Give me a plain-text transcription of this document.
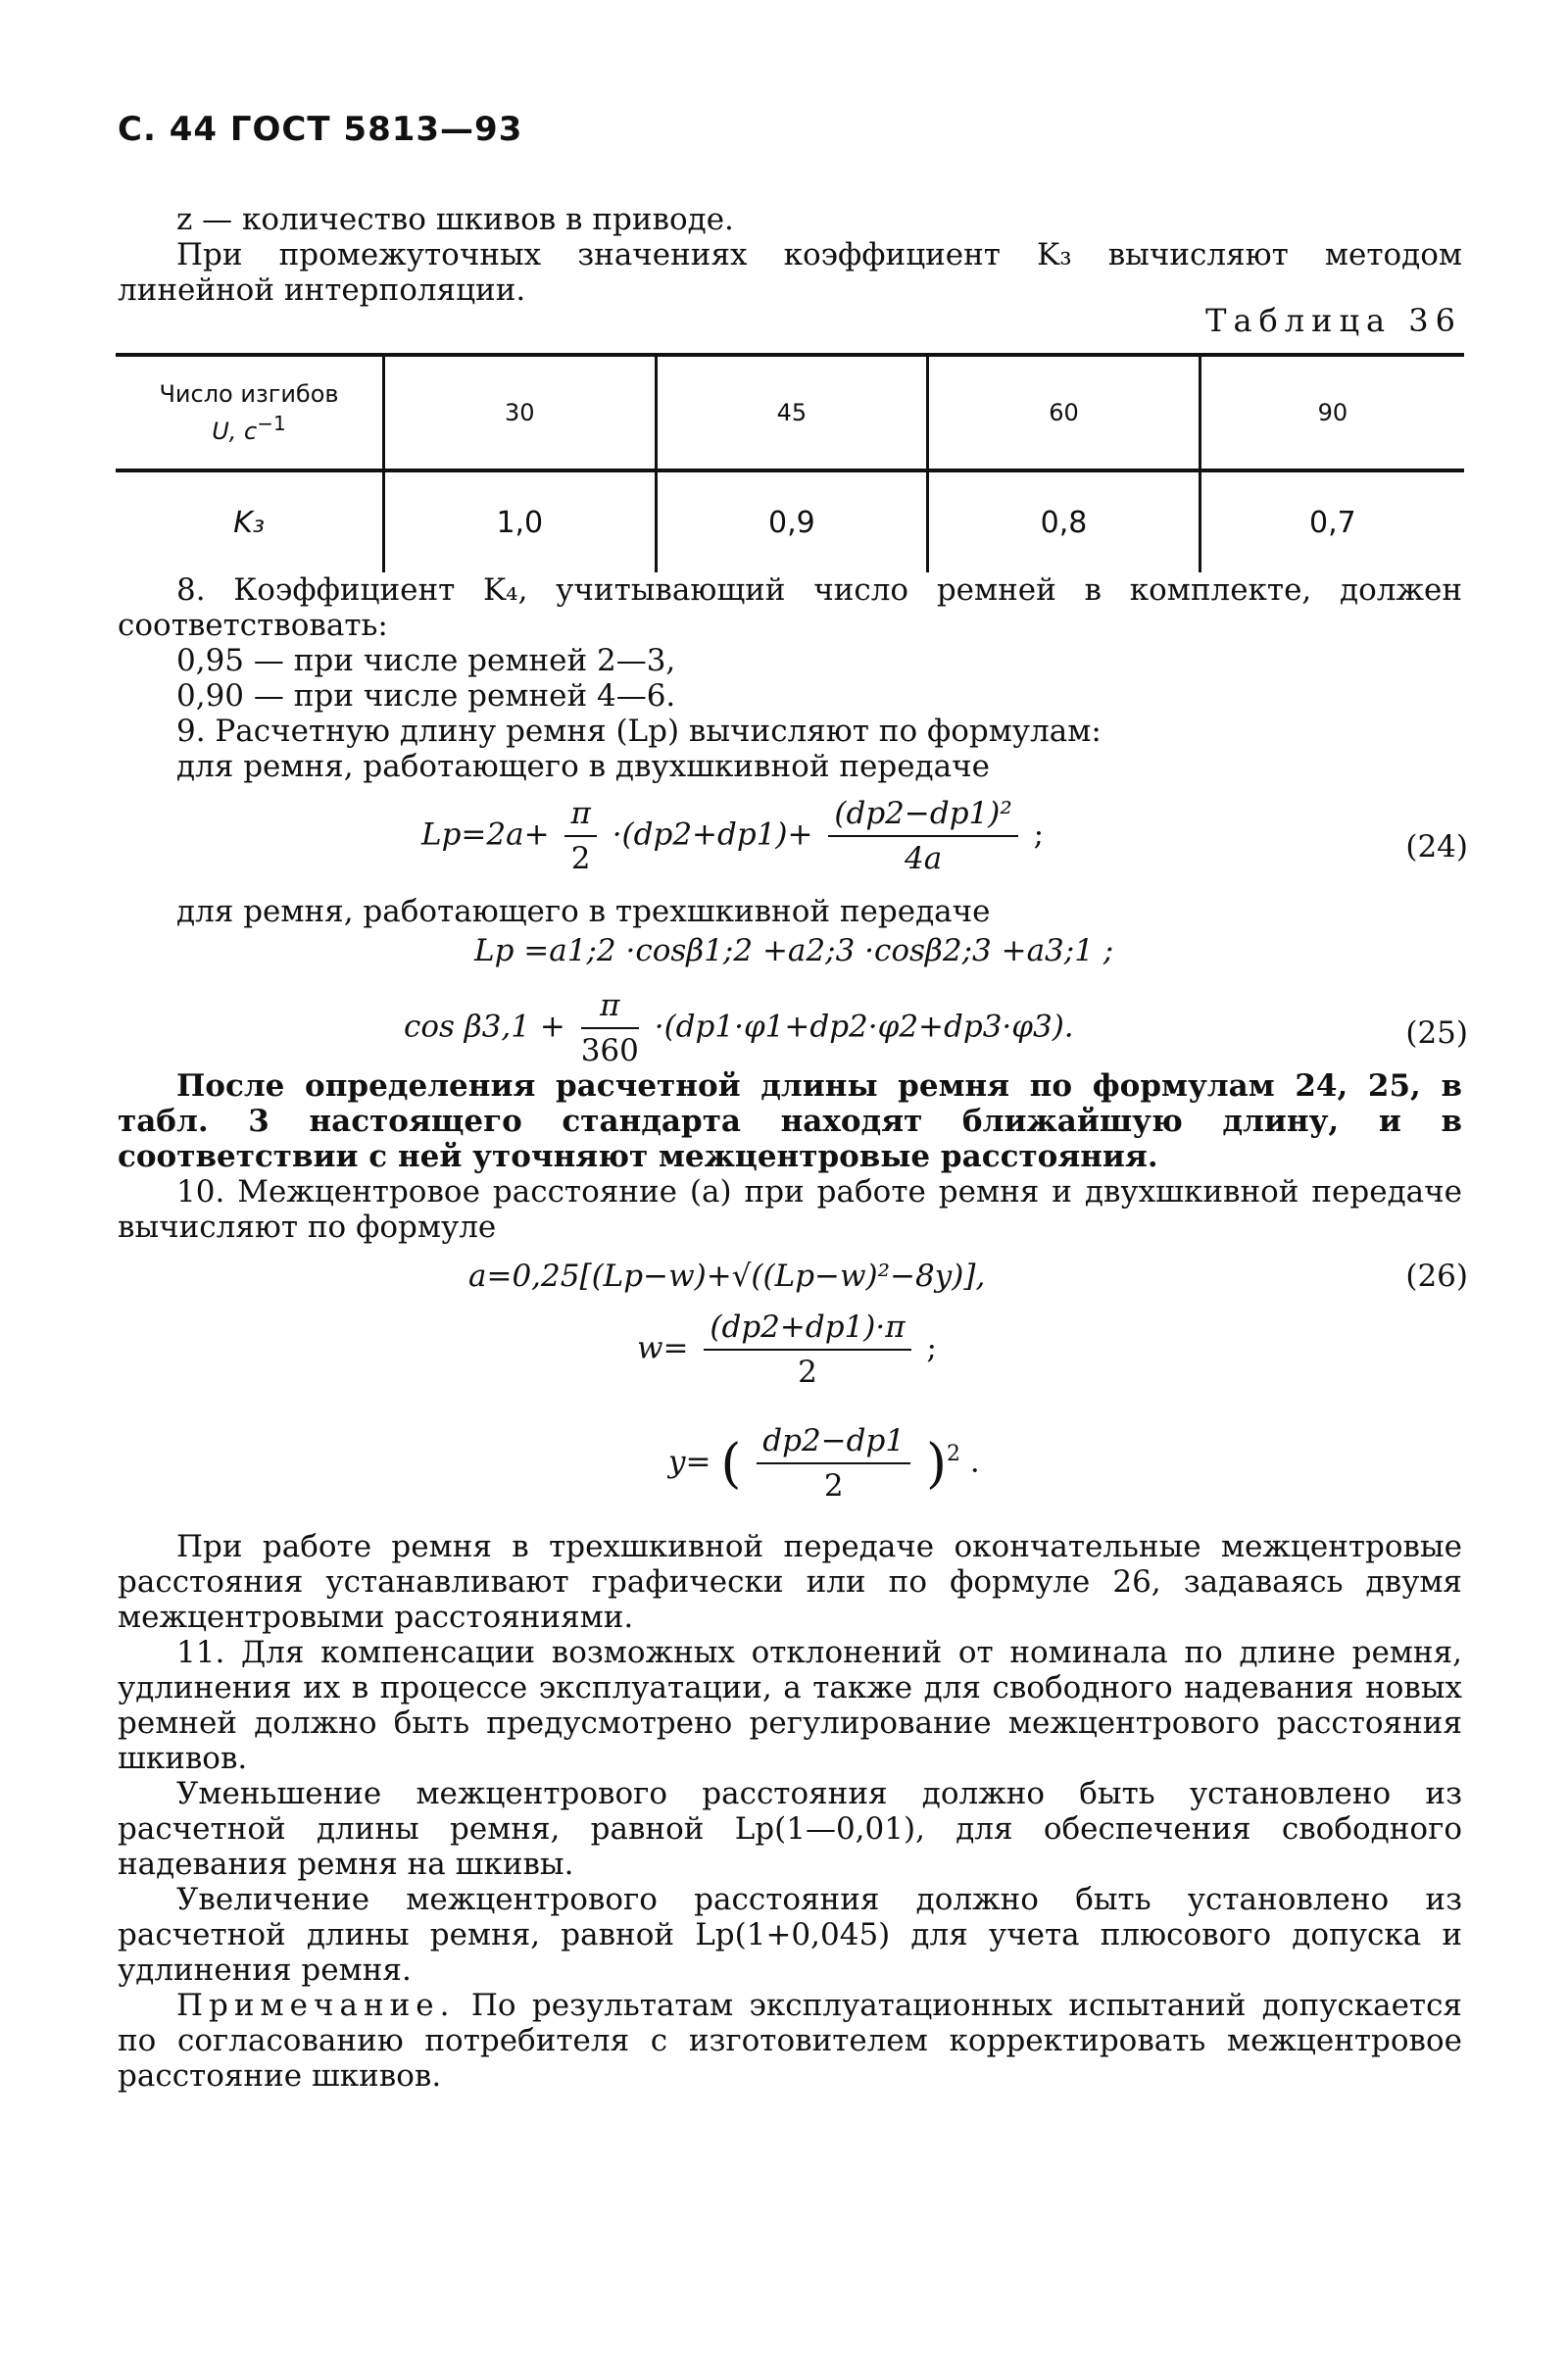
С. 44 ГОСТ 5813—93
z — количество шкивов в приводе.
При промежуточных значениях коэффициент K₃ вычисляют методом линейной интерполяции.
Таблица 36
Число изгибов
U, $c^{-1}$	30	45	60	90
K₃	1,0	0,9	0,8	0,7
8. Коэффициент K₄, учитывающий число ремней в комплекте, должен соответствовать:
0,95 — при числе ремней 2—3,
0,90 — при числе ремней 4—6.
9. Расчетную длину ремня (Lp) вычисляют по формулам:
для ремня, работающего в двухшкивной передаче
$Lp=2a+ \frac{\pi}{2} \cdot(dp2+dp1)+ \frac{\text{(dp2−dp1)²}}{4a}$ ;	(24)
для ремня, работающего в трехшкивной передаче
Lp =a1;2 ·cosβ1;2 +a2;3 ·cosβ2;3 +a3;1 ;
$\cos \beta 3,1 + \frac{\pi}{360} \cdot(dp1\cdot\varphi 1+dp2\cdot\varphi 2+dp3\cdot\varphi 3)$.	(25)
После определения расчетной длины ремня по формулам 24, 25, в табл. 3 настоящего стандарта находят ближайшую длину, и в соответствии с ней уточняют межцентровые расстояния.
10. Межцентровое расстояние (a) при работе ремня и двухшкивной передаче вычисляют по формуле
a=0,25[(Lp−w)+√((Lp−w)²−8y)],	(26)
$w= \frac{(dp2+dp1)\cdot\pi}{2}$ ;
y= ( $\frac{dp2-dp1}{2} )^2$ .
При работе ремня в трехшкивной передаче окончательные межцентровые расстояния устанавливают графически или по формуле 26, задаваясь двумя межцентровыми расстояниями.
11. Для компенсации возможных отклонений от номинала по длине ремня, удлинения их в процессе эксплуатации, а также для свободного надевания новых ремней должно быть предусмотрено регулирование межцентрового расстояния шкивов.
Уменьшение межцентрового расстояния должно быть установлено из расчетной длины ремня, равной Lp(1—0,01), для обеспечения свободного надевания ремня на шкивы.
Увеличение межцентрового расстояния должно быть установлено из расчетной длины ремня, равной Lp(1+0,045) для учета плюсового допуска и удлинения ремня.
Примечание. По результатам эксплуатационных испытаний допускается по согласованию потребителя с изготовителем корректировать межцентровое расстояние шкивов.
